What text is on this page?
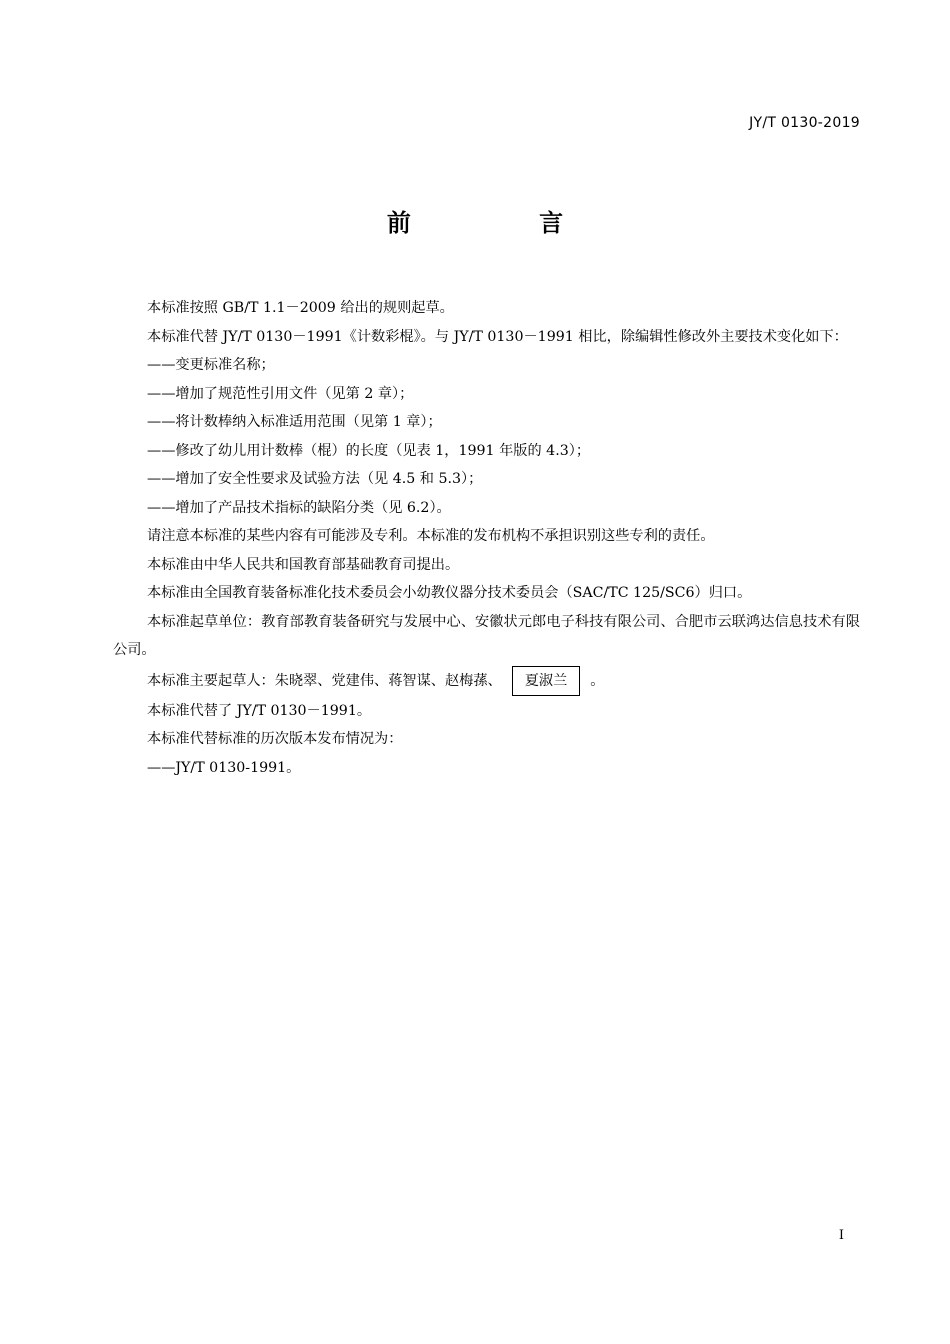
JY/T 0130-2019
前 言

本标准按照 GB/T 1.1－2009 给出的规则起草。

本标准代替 JY/T 0130－1991《计数彩棍》。与 JY/T 0130－1991 相比，除编辑性修改外主要技术变化如下：

——变更标准名称；

——增加了规范性引用文件（见第 2 章）；

——将计数棒纳入标准适用范围（见第 1 章）；

——修改了幼儿用计数棒（棍）的长度（见表 1，1991 年版的 4.3）；

——增加了安全性要求及试验方法（见 4.5 和 5.3）；

——增加了产品技术指标的缺陷分类（见 6.2）。

请注意本标准的某些内容有可能涉及专利。本标准的发布机构不承担识别这些专利的责任。

本标准由中华人民共和国教育部基础教育司提出。

本标准由全国教育装备标准化技术委员会小幼教仪器分技术委员会（SAC/TC 125/SC6）归口。

本标准起草单位：教育部教育装备研究与发展中心、安徽状元郎电子科技有限公司、合肥市云联鸿达信息技术有限公司。

本标准主要起草人：朱晓翠、党建伟、蒋智谋、赵梅蓀、 夏淑兰 。

本标准代替了 JY/T 0130－1991。

本标准代替标准的历次版本发布情况为：

——JY/T 0130-1991。

I
